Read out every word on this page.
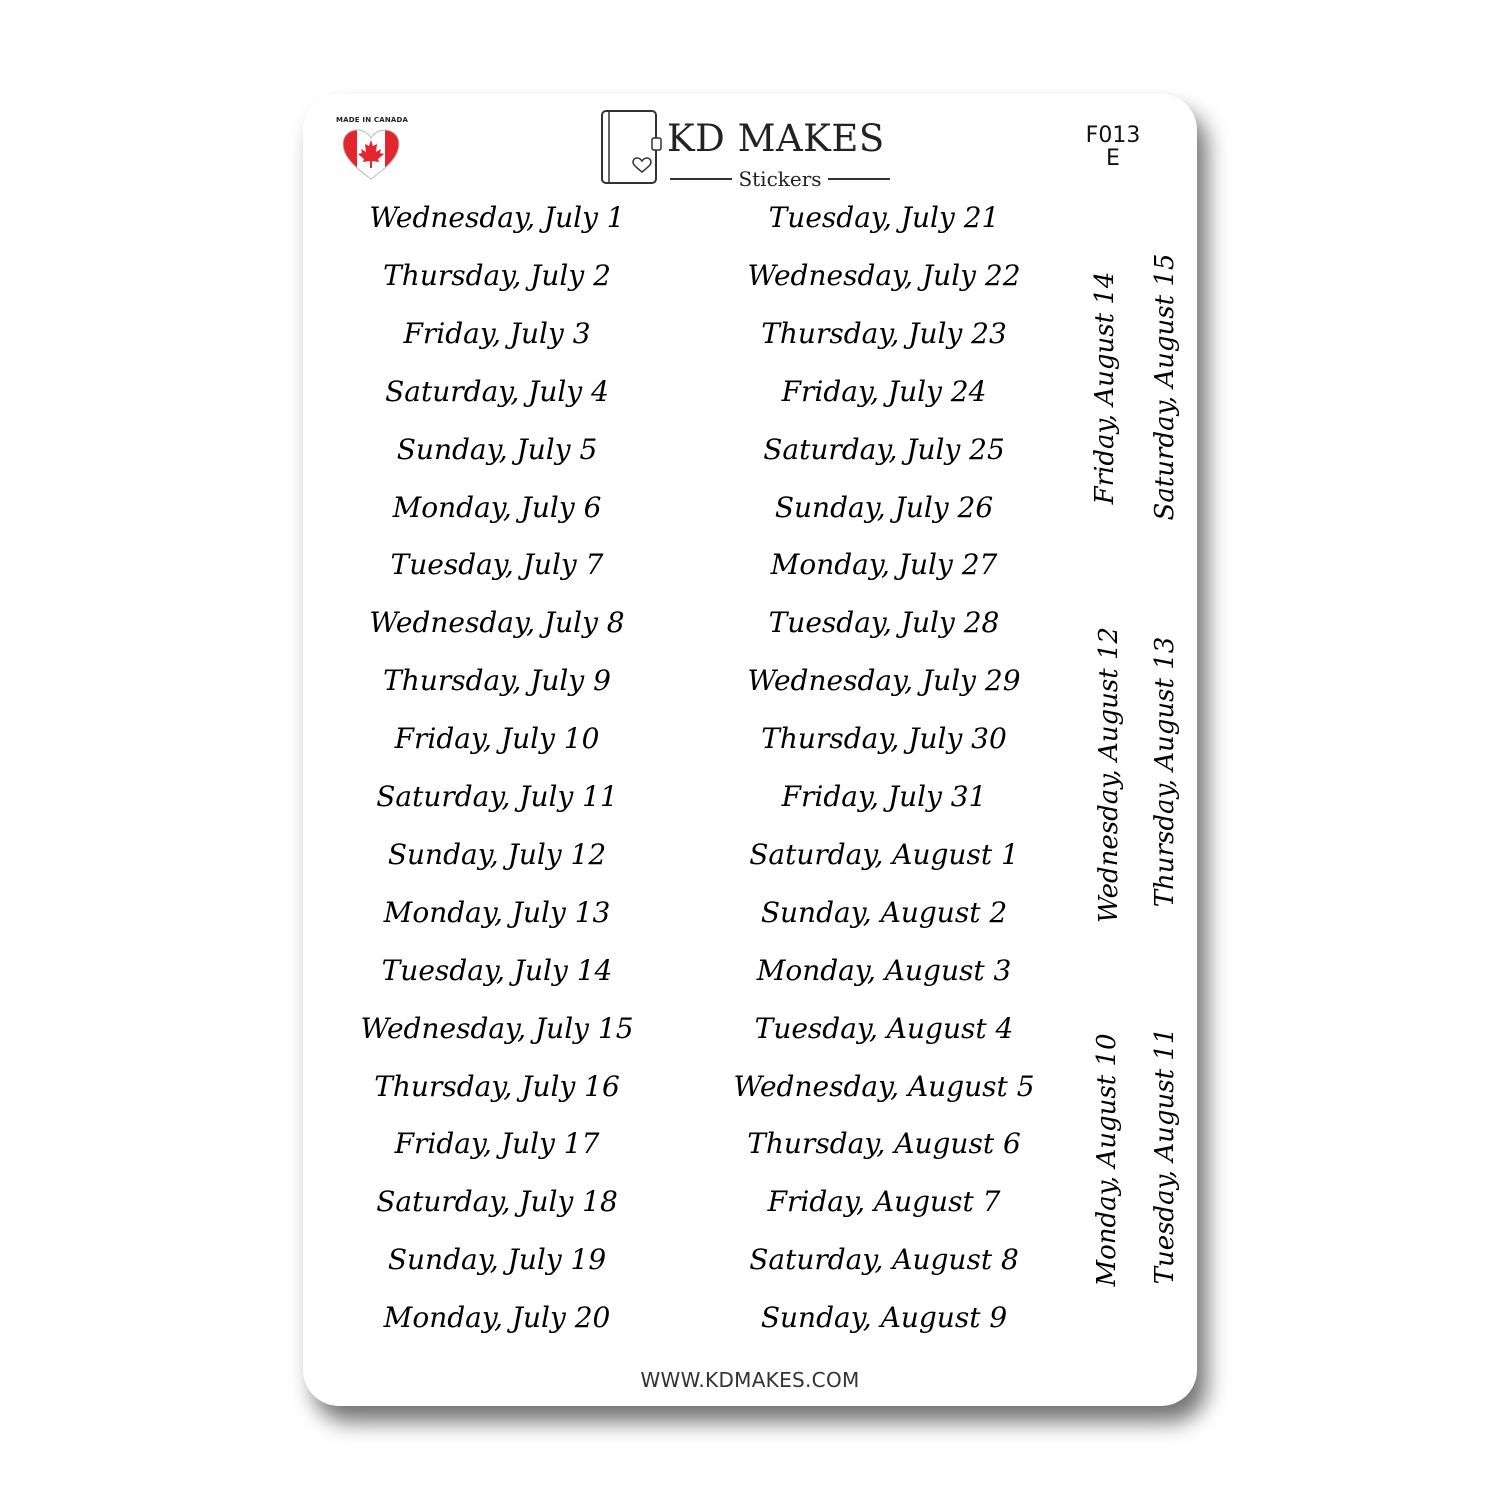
MADE IN CANADA	KD MAKES
Stickers
F013
E
Wednesday, July 1
Thursday, July 2
Friday, July 3
Saturday, July 4
Sunday, July 5
Monday, July 6
Tuesday, July 7
Wednesday, July 8
Thursday, July 9
Friday, July 10
Saturday, July 11
Sunday, July 12
Monday, July 13
Tuesday, July 14
Wednesday, July 15
Thursday, July 16
Friday, July 17
Saturday, July 18
Sunday, July 19
Monday, July 20
Tuesday, July 21
Wednesday, July 22
Thursday, July 23
Friday, July 24
Saturday, July 25
Sunday, July 26
Monday, July 27
Tuesday, July 28
Wednesday, July 29
Thursday, July 30
Friday, July 31
Saturday, August 1
Sunday, August 2
Monday, August 3
Tuesday, August 4
Wednesday, August 5
Thursday, August 6
Friday, August 7
Saturday, August 8
Sunday, August 9
Friday, August 14 Saturday, August 15
Wednesday, August 12 Thursday, August 13
Monday, August 10 Tuesday, August 11
WWW.KDMAKES.COM
